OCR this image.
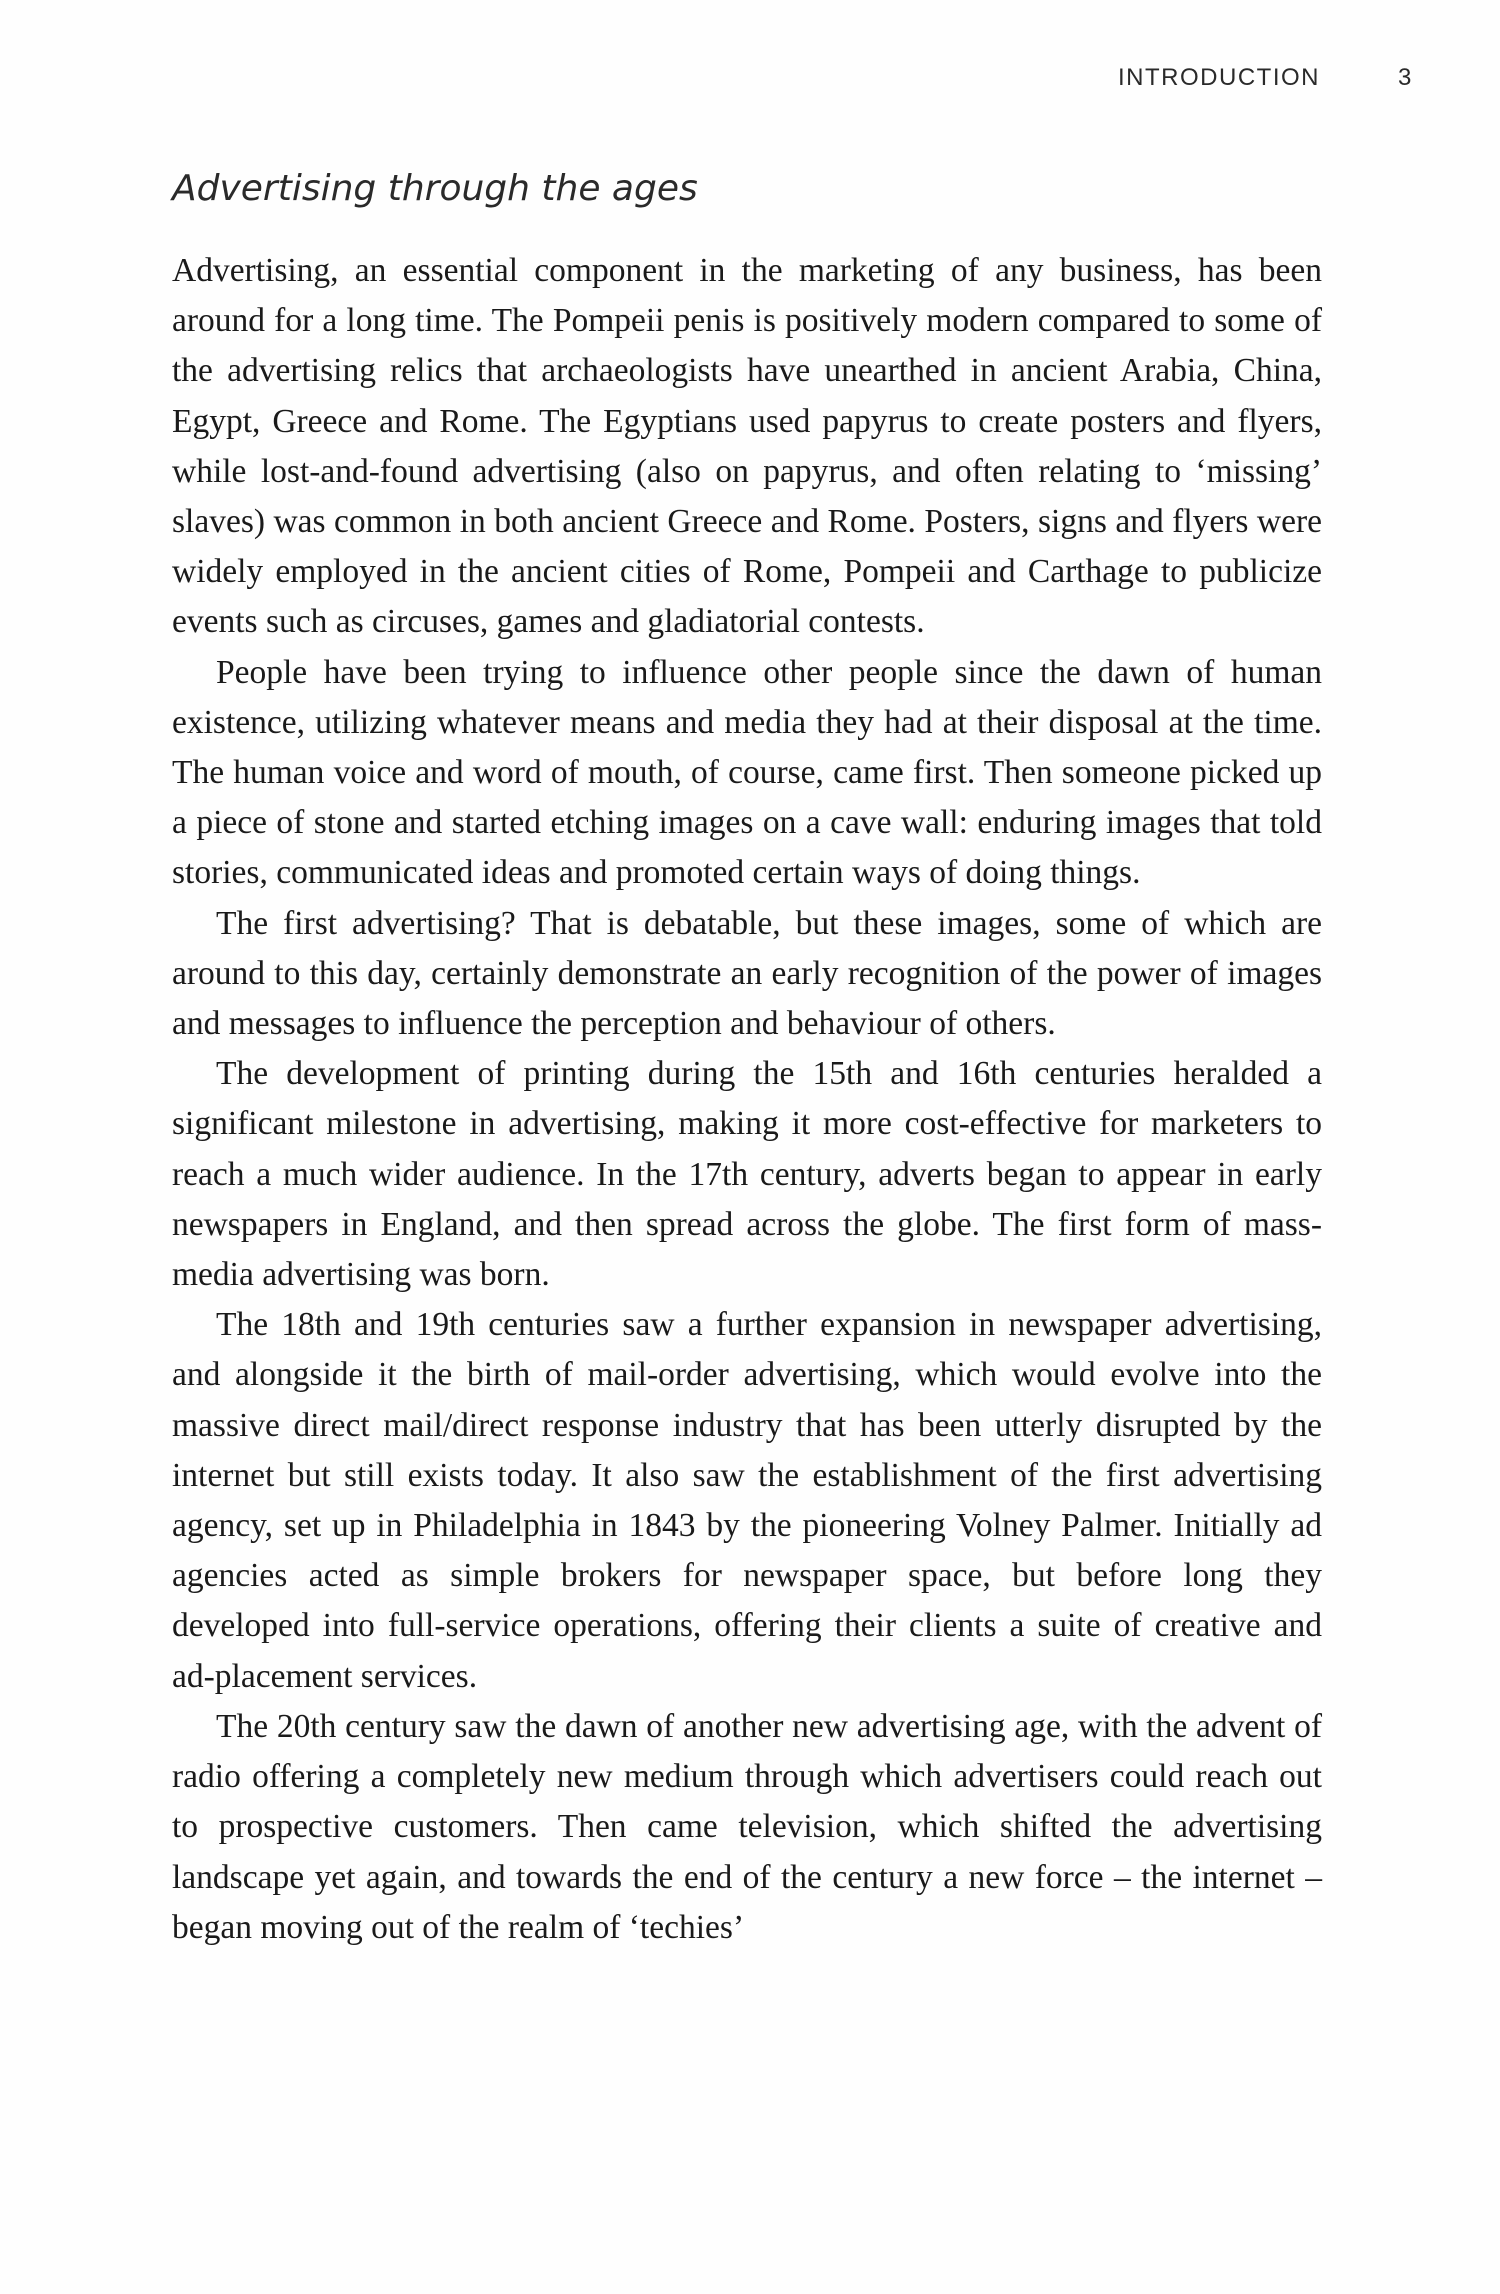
INTRODUCTION	3
Advertising through the ages

Advertising, an essential component in the marketing of any business, has been around for a long time. The Pompeii penis is positively modern compared to some of the advertising relics that archaeologists have unearthed in ancient Arabia, China, Egypt, Greece and Rome. The Egyptians used papyrus to create posters and flyers, while lost-and-found advertising (also on papyrus, and often relating to ‘missing’ slaves) was common in both ancient Greece and Rome. Posters, signs and flyers were widely employed in the ancient cities of Rome, Pompeii and Carthage to publicize events such as circuses, games and gladiatorial contests.

People have been trying to influence other people since the dawn of human existence, utilizing whatever means and media they had at their disposal at the time. The human voice and word of mouth, of course, came first. Then someone picked up a piece of stone and started etching images on a cave wall: enduring images that told stories, communicated ideas and promoted certain ways of doing things.

The first advertising? That is debatable, but these images, some of which are around to this day, certainly demonstrate an early recognition of the power of images and messages to influence the perception and behaviour of others.

The development of printing during the 15th and 16th centuries heralded a significant milestone in advertising, making it more cost-effective for marketers to reach a much wider audience. In the 17th century, adverts began to appear in early newspapers in England, and then spread across the globe. The first form of mass-media advertising was born.

The 18th and 19th centuries saw a further expansion in newspaper advertising, and alongside it the birth of mail-order advertising, which would evolve into the massive direct mail/direct response industry that has been utterly disrupted by the internet but still exists today. It also saw the establishment of the first advertising agency, set up in Philadelphia in 1843 by the pioneering Volney Palmer. Initially ad agencies acted as simple brokers for newspaper space, but before long they developed into full-service operations, offering their clients a suite of creative and ad-placement services.

The 20th century saw the dawn of another new advertising age, with the advent of radio offering a completely new medium through which advertisers could reach out to prospective customers. Then came television, which shifted the advertising landscape yet again, and towards the end of the century a new force – the internet – began moving out of the realm of ‘techies’
